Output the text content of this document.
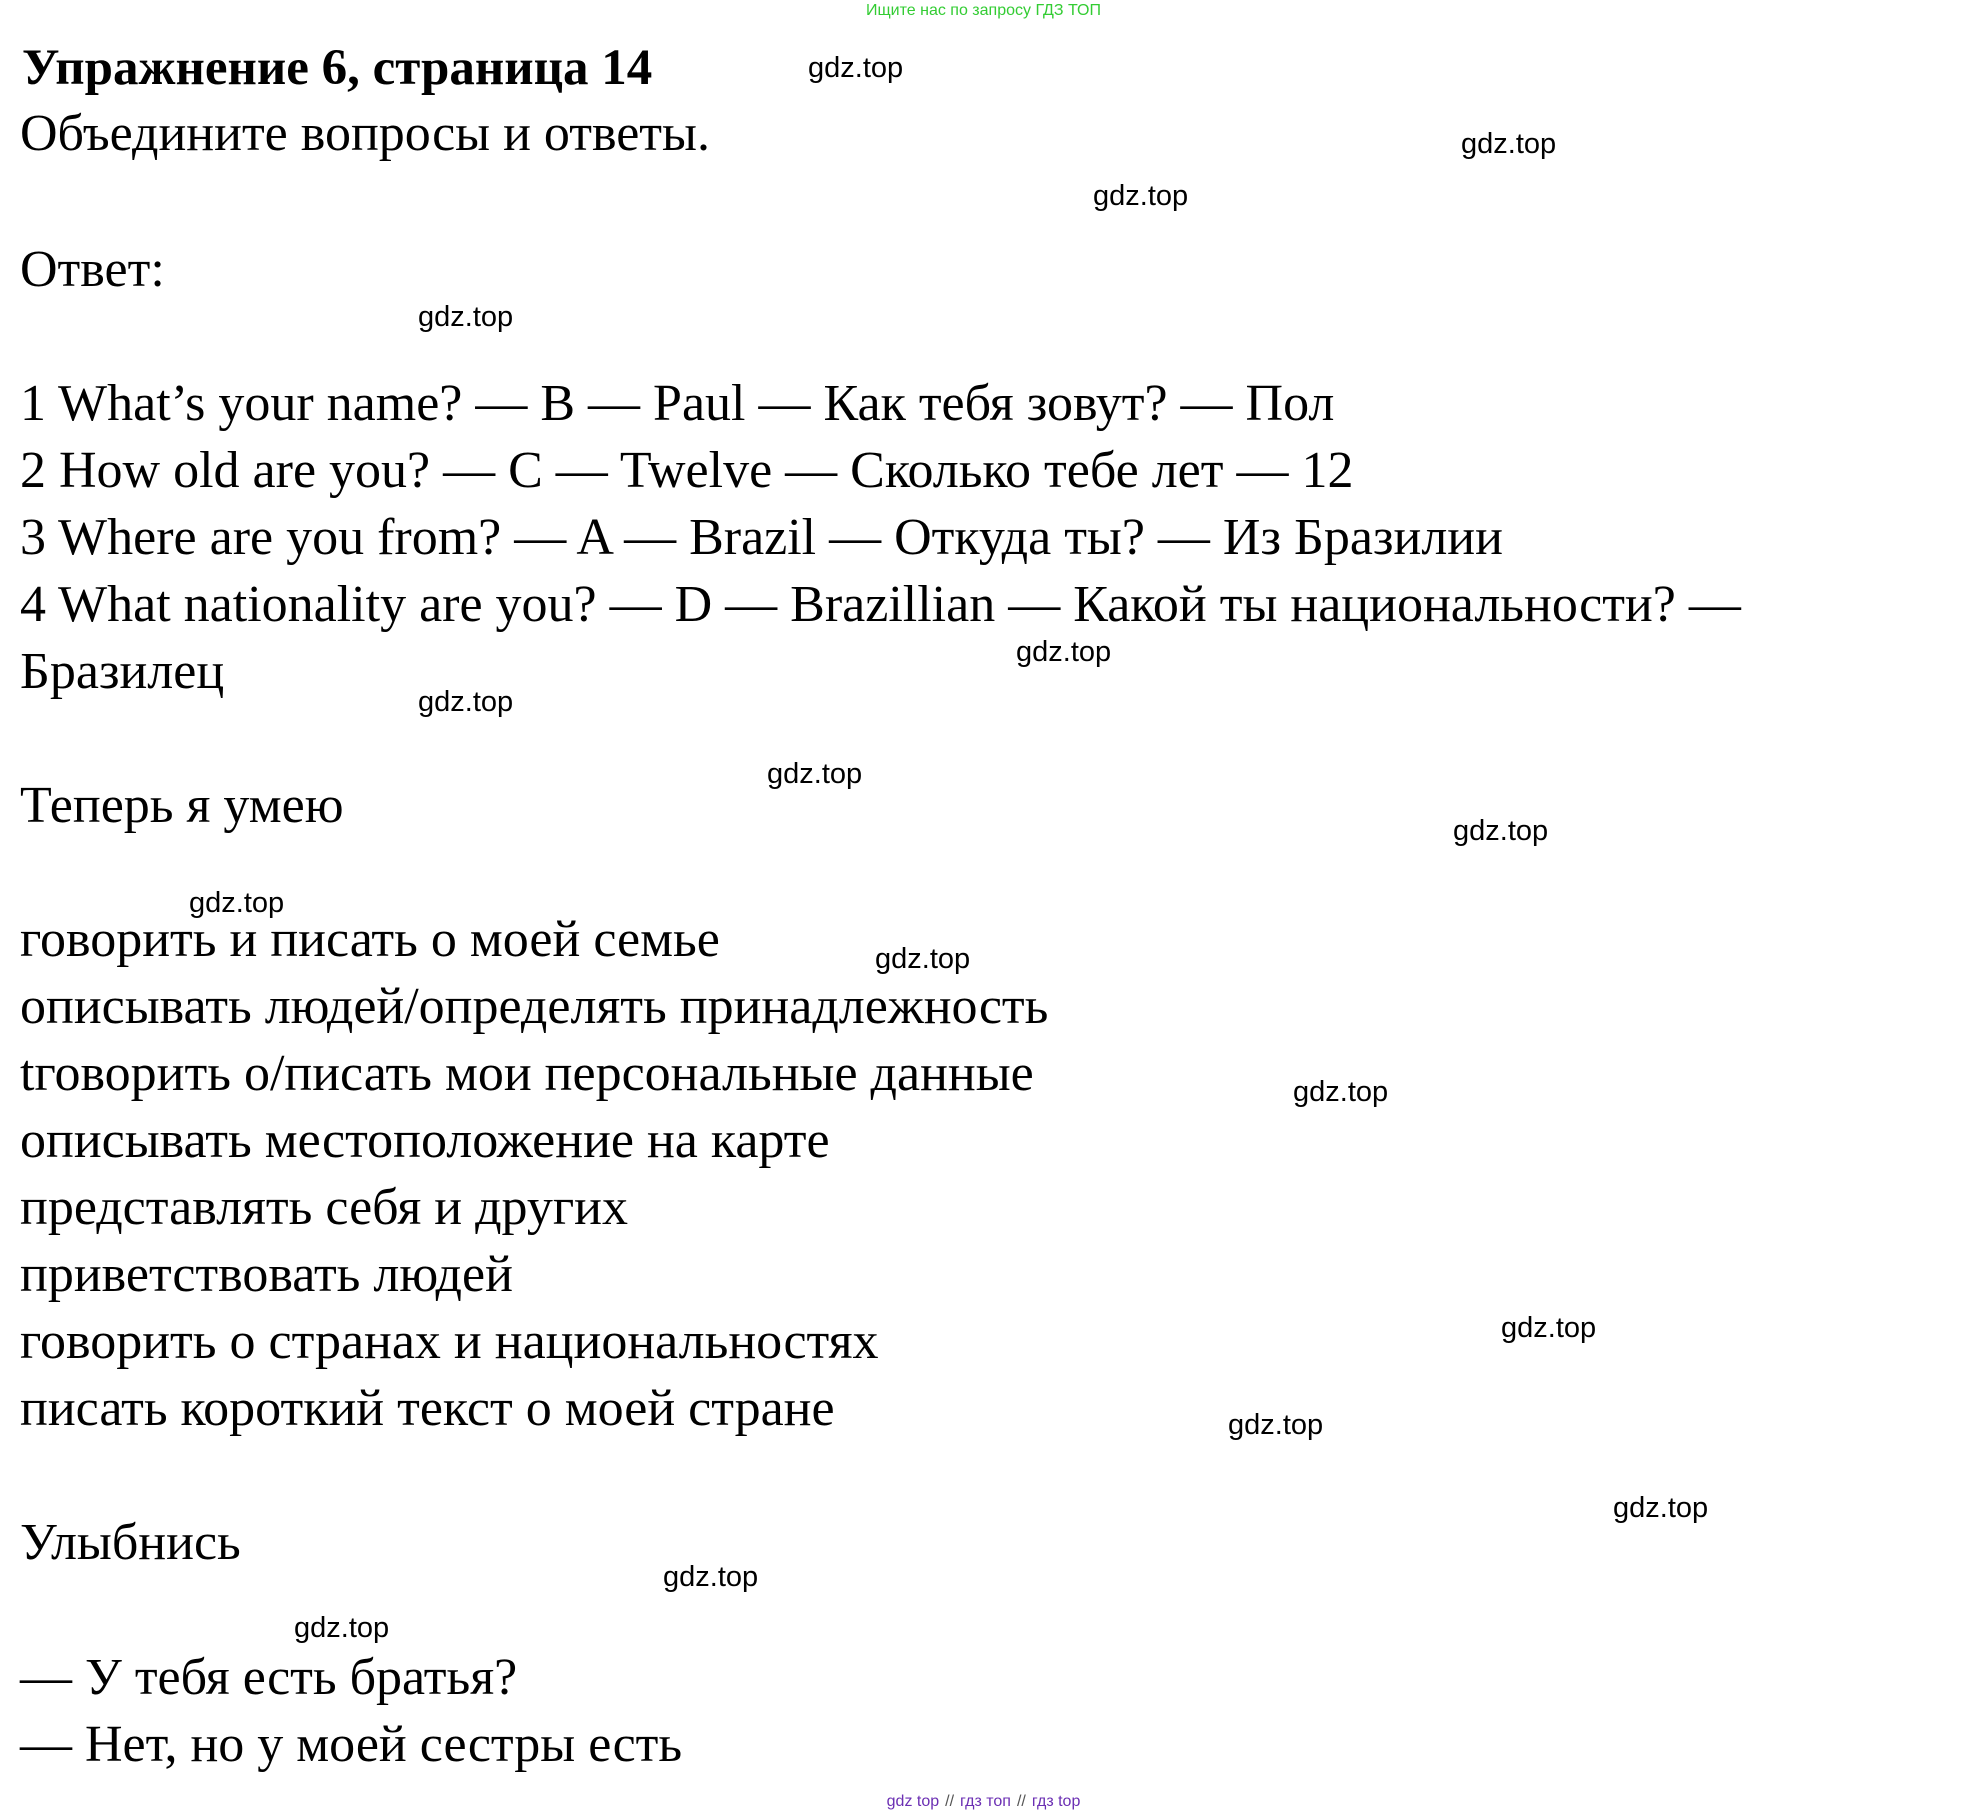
Ищите нас по запросу ГДЗ ТОП
Упражнение 6, страница 14
Объедините вопросы и ответы.
Ответ:
1 What’s your name? — B — Paul — Как тебя зовут? — Пол
2 How old are you? — C — Twelve — Сколько тебе лет — 12
3 Where are you from? — A — Brazil — Откуда ты? — Из Бразилии
4 What nationality are you? — D — Brazillian — Какой ты национальности? —
Бразилец
Теперь я умею
говорить и писать о моей семье
описывать людей/определять принадлежность
tговорить о/писать мои персональные данные
описывать местоположение на карте
представлять себя и других
приветствовать людей
говорить о странах и национальностях
писать короткий текст о моей стране
Улыбнись
— У тебя есть братья?
— Нет, но у моей сестры есть
gdz.top
gdz.top
gdz.top
gdz.top
gdz.top
gdz.top
gdz.top
gdz.top
gdz.top
gdz.top
gdz.top
gdz.top
gdz.top
gdz.top
gdz.top
gdz.top
gdz top // гдз топ // гдз top
